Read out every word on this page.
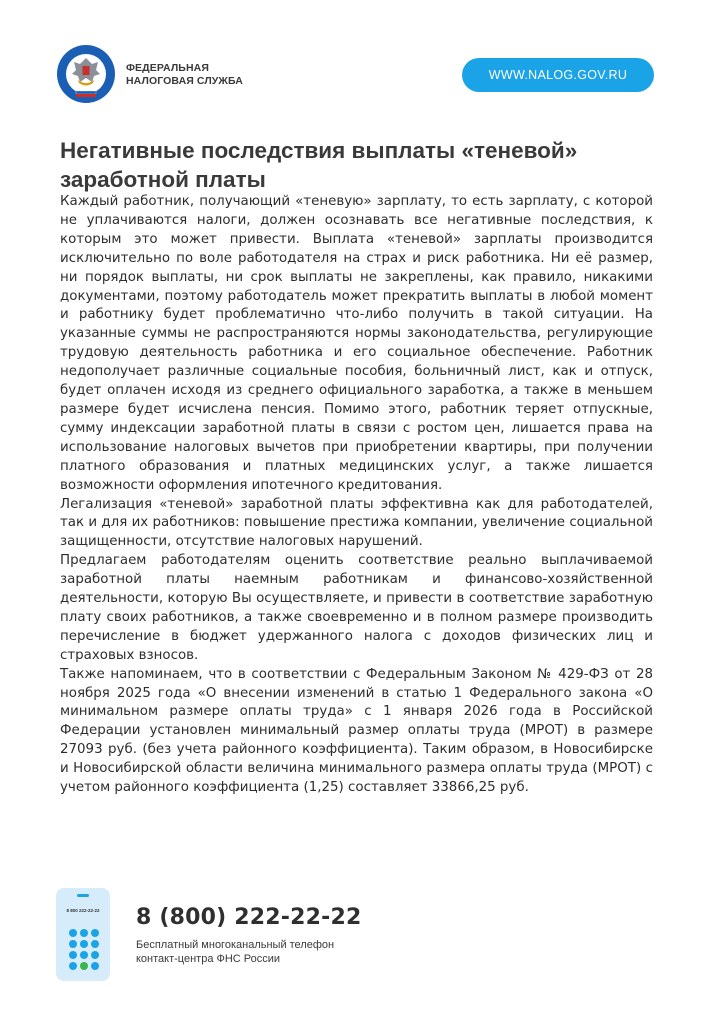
ФЕДЕРАЛЬНАЯ
НАЛОГОВАЯ СЛУЖБА	WWW.NALOG.GOV.RU
Негативные последствия выплаты «теневой» заработной платы

Каждый работник, получающий «теневую» зарплату, то есть зарплату, с которой не уплачиваются налоги, должен осознавать все негативные последствия, к которым это может привести. Выплата «теневой» зарплаты производится исключительно по воле работодателя на страх и риск работника. Ни её размер, ни порядок выплаты, ни срок выплаты не закреплены, как правило, никакими документами, поэтому работодатель может прекратить выплаты в любой момент и работнику будет проблематично что-либо получить в такой ситуации. На указанные суммы не распространяются нормы законодательства, регулирующие трудовую деятельность работника и его социальное обеспечение. Работник недополучает различные социальные пособия, больничный лист, как и отпуск, будет оплачен исходя из среднего официального заработка, а также в меньшем размере будет исчислена пенсия. Помимо этого, работник теряет отпускные, сумму индексации заработной платы в связи с ростом цен, лишается права на использование налоговых вычетов при приобретении квартиры, при получении платного образования и платных медицинских услуг, а также лишается возможности оформления ипотечного кредитования.

Легализация «теневой» заработной платы эффективна как для работодателей, так и для их работников: повышение престижа компании, увеличение социальной защищенности, отсутствие налоговых нарушений.

Предлагаем работодателям оценить соответствие реально выплачиваемой заработной платы наемным работникам и финансово-хозяйственной деятельности, которую Вы осуществляете, и привести в соответствие заработную плату своих работников, а также своевременно и в полном размере производить перечисление в бюджет удержанного налога с доходов физических лиц и страховых взносов.

Также напоминаем, что в соответствии с Федеральным Законом № 429-ФЗ от 28 ноября 2025 года «О внесении изменений в статью 1 Федерального закона «О минимальном размере оплаты труда» с 1 января 2026 года в Российской Федерации установлен минимальный размер оплаты труда (МРОТ) в размере 27093 руб. (без учета районного коэффициента). Таким образом, в Новосибирске и Новосибирской области величина минимального размера оплаты труда (МРОТ) с учетом районного коэффициента (1,25) составляет 33866,25 руб.

8 800 222-22-22	8 (800) 222-22-22
Бесплатный многоканальный телефон
контакт-центра ФНС России
